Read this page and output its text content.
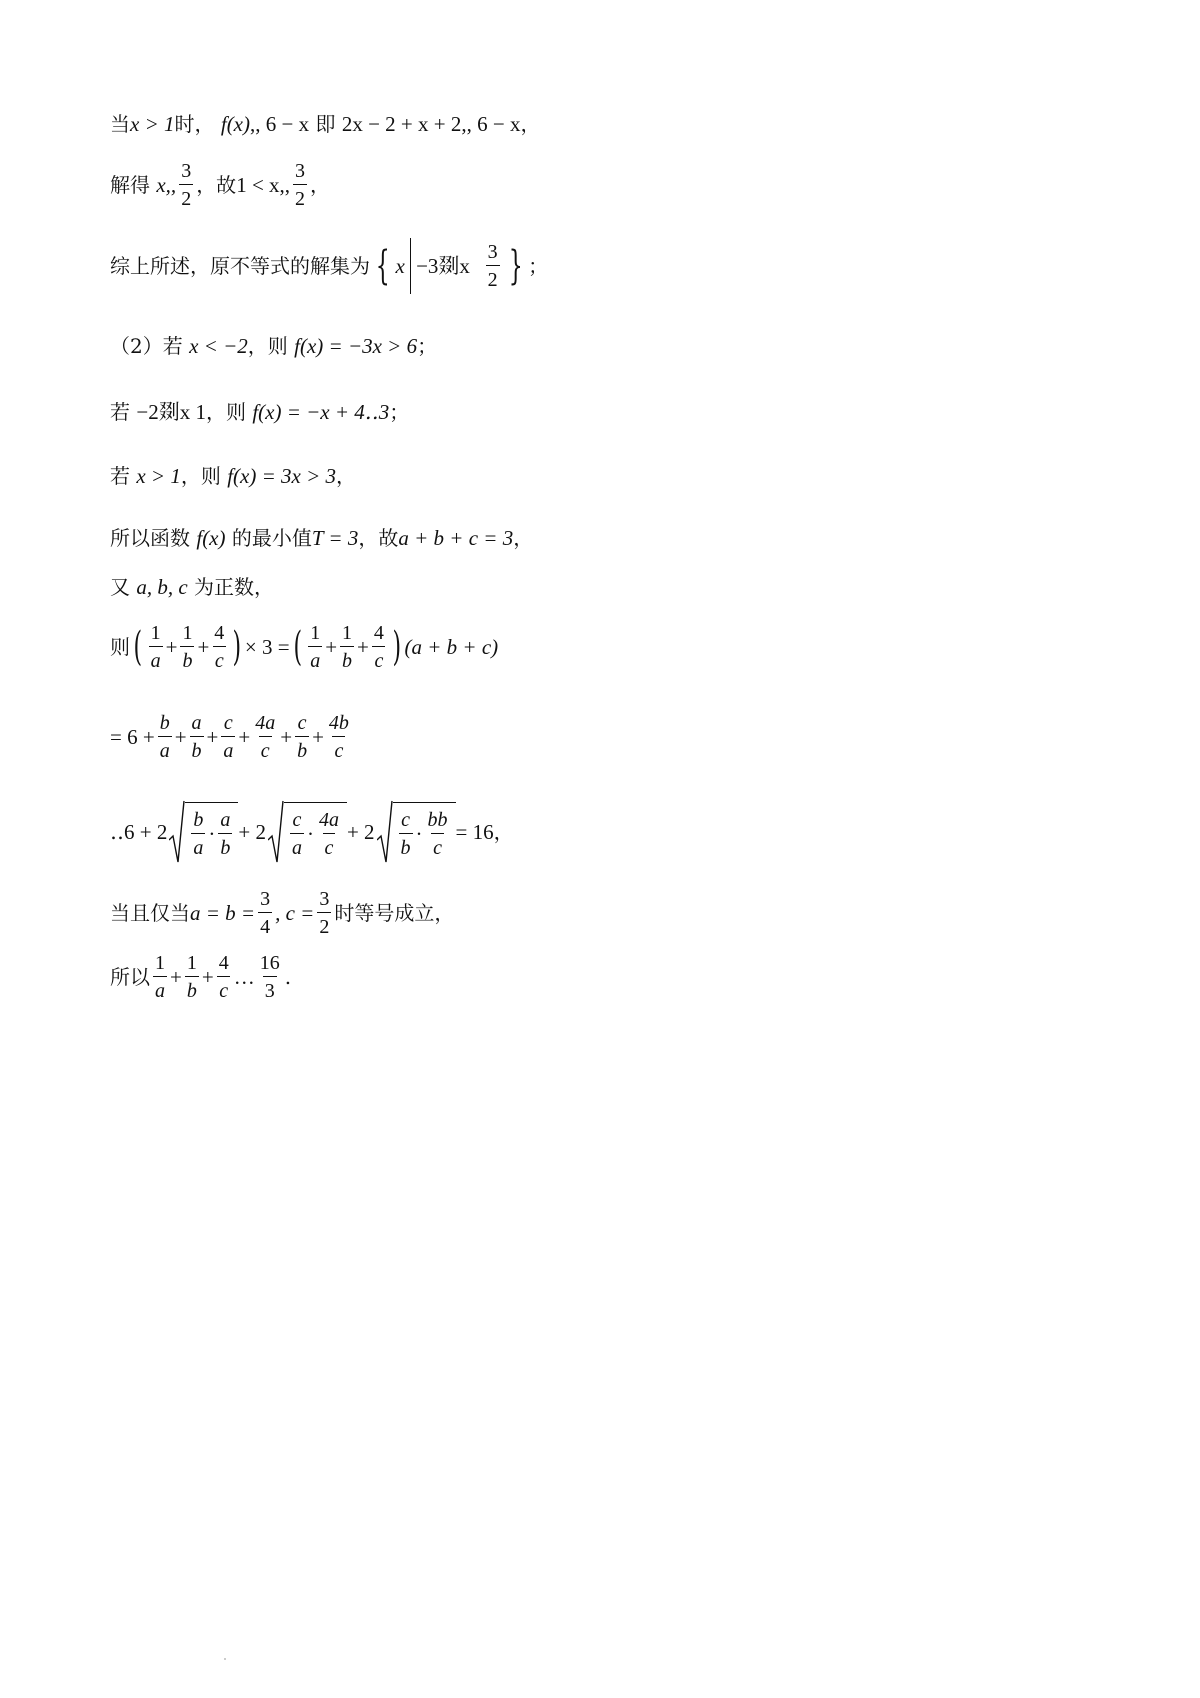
当 x > 1 时，
f(x) ,, 6 − x
即
2x − 2 + x + 2,, 6 − x ，
解得
x,, $\frac{3}{2}$ ，故 1 < x,, $\frac{3}{2}$ ，
综上所述，原不等式的解集为 { x −3剟x
$\frac{3}{2}$ } ；
（2）若
x < −2 ，则
f(x) = −3x > 6 ；
若
−2剟x 1 ，则
f(x) = −x + 4‥3 ；
若
x > 1 ，则
f(x) = 3x > 3 ，
所以函数
f(x)
的最小值 T = 3 ，故 a + b + c = 3 ，
又
a, b, c
为正数，
则 ( $\frac{1}{a} + \frac{1}{b} + \frac{4}{c}$ ) × 3 = ( $\frac{1}{a} + \frac{1}{b} + \frac{4}{c}$ ) (a + b + c)
= $6 + \frac{b}{a} + \frac{a}{b} + \frac{c}{a} + \frac{4a}{c} + \frac{c}{b} + \frac{4b}{c}$
‥6 + $2 \frac{b}{a} \cdot \frac{a}{b} + 2 \frac{c}{a} \cdot \frac{4a}{c} + 2 \frac{c}{b} \cdot \frac{bb}{c} = 16$ ，
当且仅当 $a = b = \frac{3}{4}$ , $c = \frac{3}{2}$ 时等号成立，
所以 $\frac{1}{a} + \frac{1}{b} + \frac{4}{c}$ … $\frac{16}{3}$ .
